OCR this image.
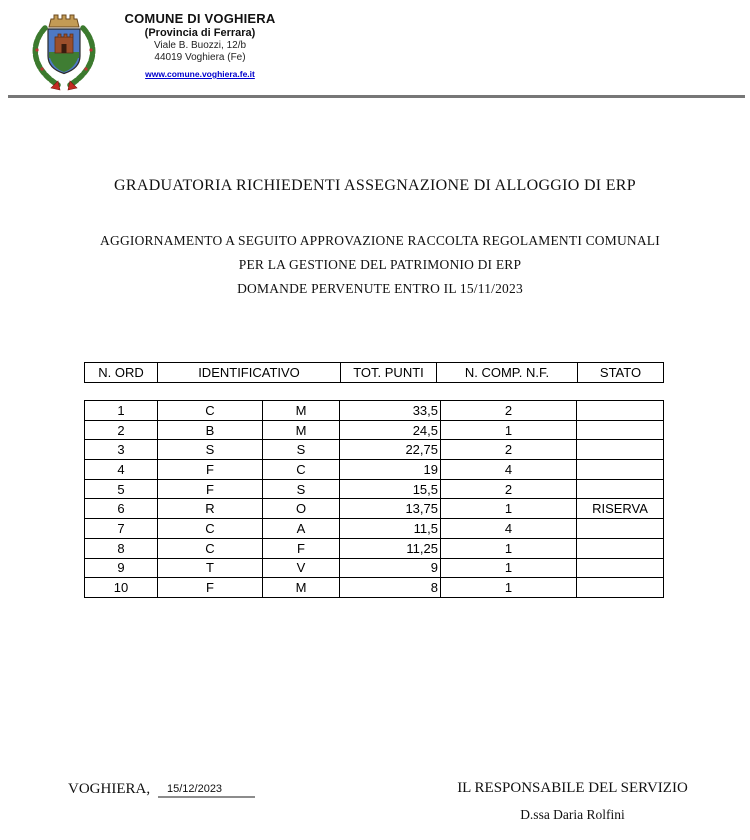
COMUNE DI VOGHIERA
(Provincia di Ferrara)
Viale B. Buozzi, 12/b
44019 Voghiera (Fe)
www.comune.voghiera.fe.it
GRADUATORIA RICHIEDENTI ASSEGNAZIONE DI ALLOGGIO DI ERP
AGGIORNAMENTO A SEGUITO APPROVAZIONE RACCOLTA REGOLAMENTI COMUNALI
PER LA GESTIONE DEL PATRIMONIO DI ERP
DOMANDE PERVENUTE ENTRO IL 15/11/2023
N. ORD	IDENTIFICATIVO	TOT. PUNTI	N. COMP. N.F.	STATO
1	C	M	33,5	2	
2	B	M	24,5	1	
3	S	S	22,75	2	
4	F	C	19	4	
5	F	S	15,5	2	
6	R	O	13,75	1	RISERVA
7	C	A	11,5	4	
8	C	F	11,25	1	
9	T	V	9	1	
10	F	M	8	1	
VOGHIERA,	15/12/2023	IL RESPONSABILE DEL SERVIZIO
D.ssa Daria Rolfini
